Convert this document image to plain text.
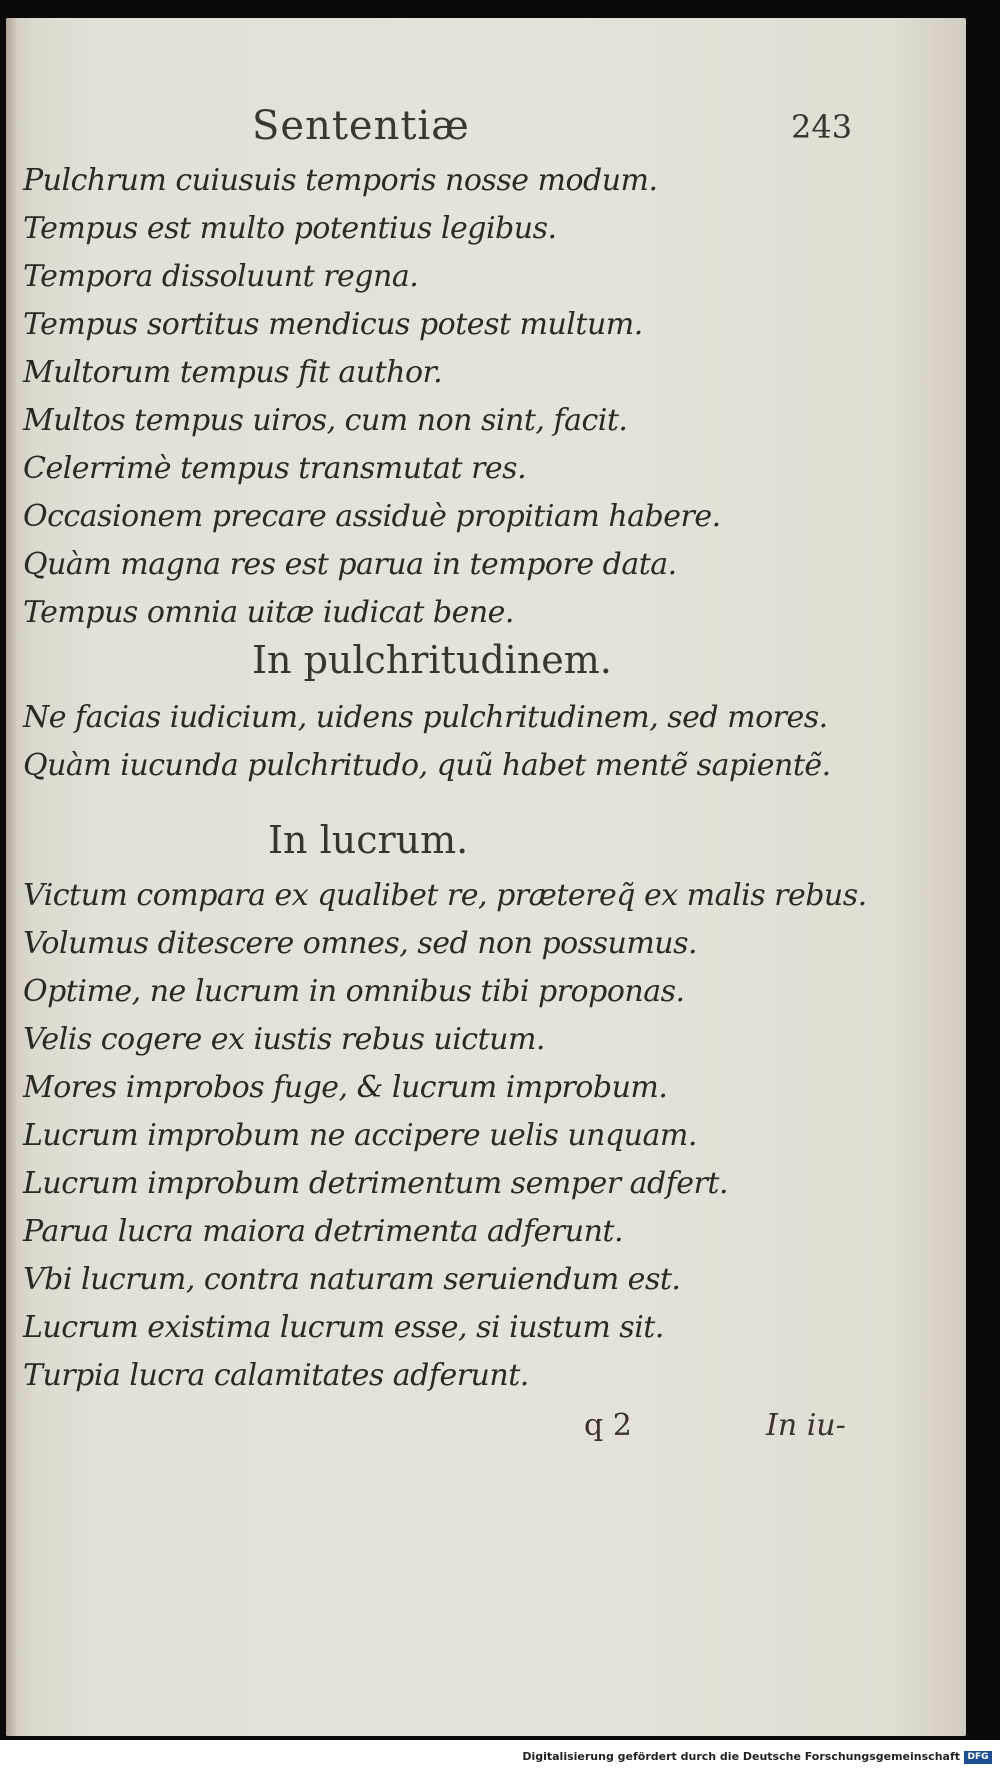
Sententiæ	243
Pulchrum cuiusuis temporis nosse modum.
Tempus est multo potentius legibus.
Tempora dissoluunt regna.
Tempus sortitus mendicus potest multum.
Multorum tempus fit author.
Multos tempus uiros, cum non sint, facit.
Celerrimè tempus transmutat res.
Occasionem precare assiduè propitiam habere.
Quàm magna res est parua in tempore data.
Tempus omnia uitæ iudicat bene.
In pulchritudinem.
Ne facias iudicium, uidens pulchritudinem, sed mores.
Quàm iucunda pulchritudo, quũ habet mentẽ sapientẽ.
In lucrum.
Victum compara ex qualibet re, prætereq̃ ex malis rebus.
Volumus ditescere omnes, sed non possumus.
Optime, ne lucrum in omnibus tibi proponas.
Velis cogere ex iustis rebus uictum.
Mores improbos fuge, & lucrum improbum.
Lucrum improbum ne accipere uelis unquam.
Lucrum improbum detrimentum semper adfert.
Parua lucra maiora detrimenta adferunt.
Vbi lucrum, contra naturam seruiendum est.
Lucrum existima lucrum esse, si iustum sit.
Turpia lucra calamitates adferunt.
q 2	In iu-
Digitalisierung gefördert durch die Deutsche Forschungsgemeinschaft DFG
